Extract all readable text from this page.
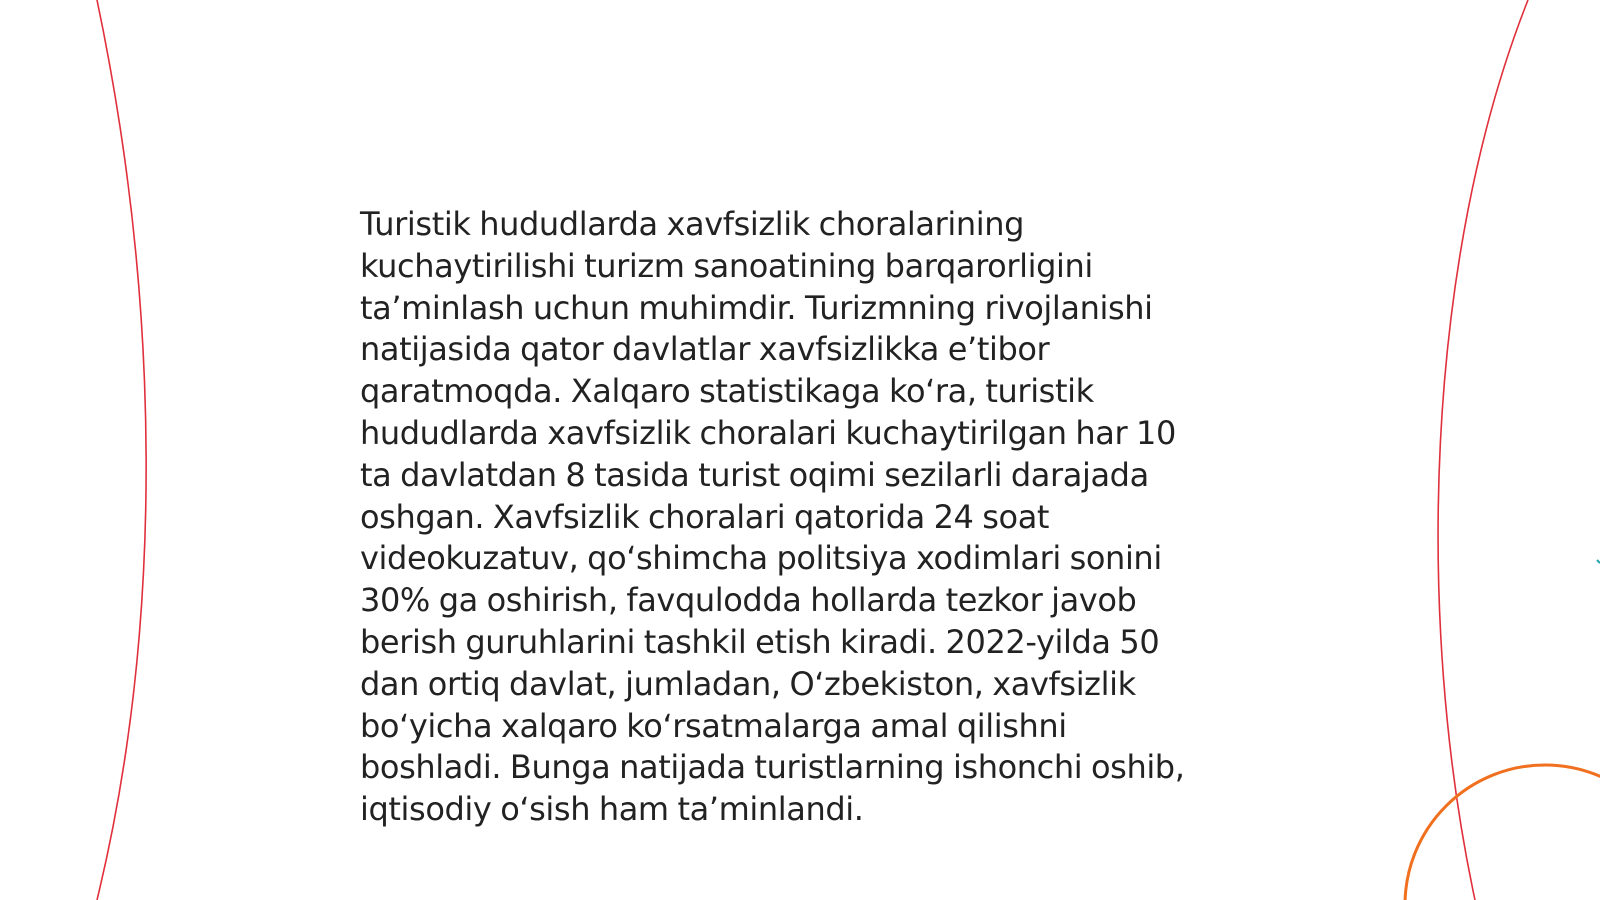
Turistik hududlarda xavfsizlik choralarining
kuchaytirilishi turizm sanoatining barqarorligini
ta’minlash uchun muhimdir. Turizmning rivojlanishi
natijasida qator davlatlar xavfsizlikka e’tibor
qaratmoqda. Xalqaro statistikaga ko‘ra, turistik
hududlarda xavfsizlik choralari kuchaytirilgan har 10
ta davlatdan 8 tasida turist oqimi sezilarli darajada
oshgan. Xavfsizlik choralari qatorida 24 soat
videokuzatuv, qo‘shimcha politsiya xodimlari sonini
30% ga oshirish, favqulodda hollarda tezkor javob
berish guruhlarini tashkil etish kiradi. 2022-yilda 50
dan ortiq davlat, jumladan, O‘zbekiston, xavfsizlik
bo‘yicha xalqaro ko‘rsatmalarga amal qilishni
boshladi. Bunga natijada turistlarning ishonchi oshib,
iqtisodiy o‘sish ham ta’minlandi.
